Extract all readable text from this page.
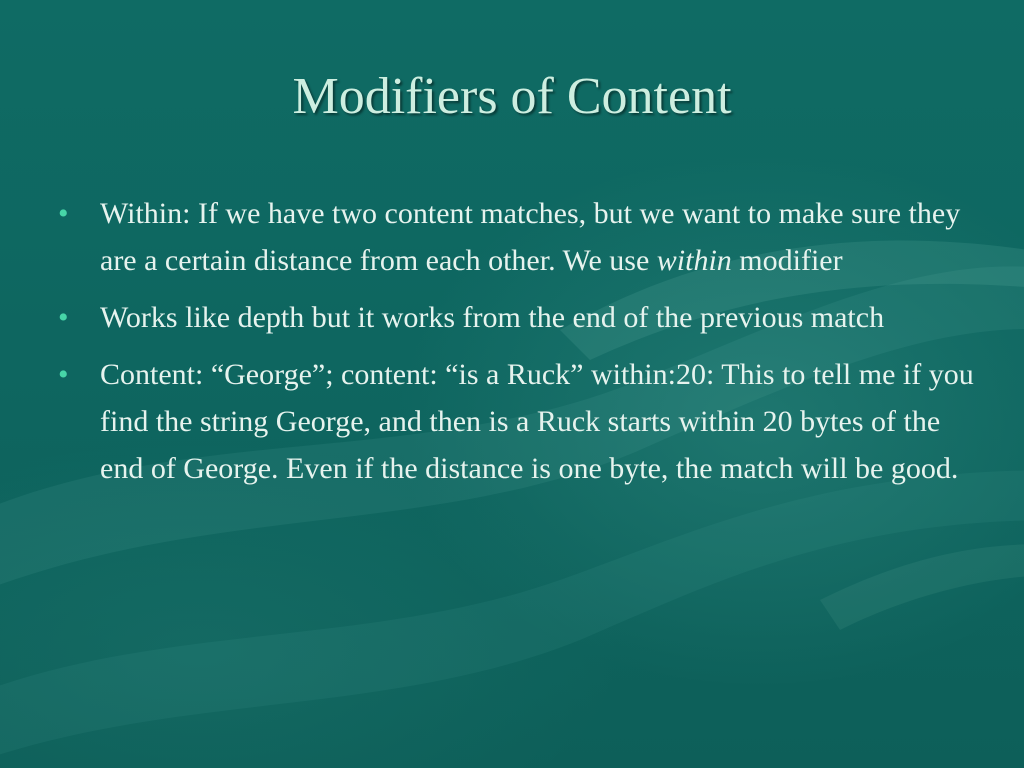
Modifiers of Content
• Within: If we have two content matches, but we want to make sure they are a certain distance from each other. We use within modifier
• Works like depth but it works from the end of the previous match
• Content: “George”; content: “is a Ruck” within:20: This to tell me if you find the string George, and then is a Ruck starts within 20 bytes of the end of George. Even if the distance is one byte, the match will be good.
